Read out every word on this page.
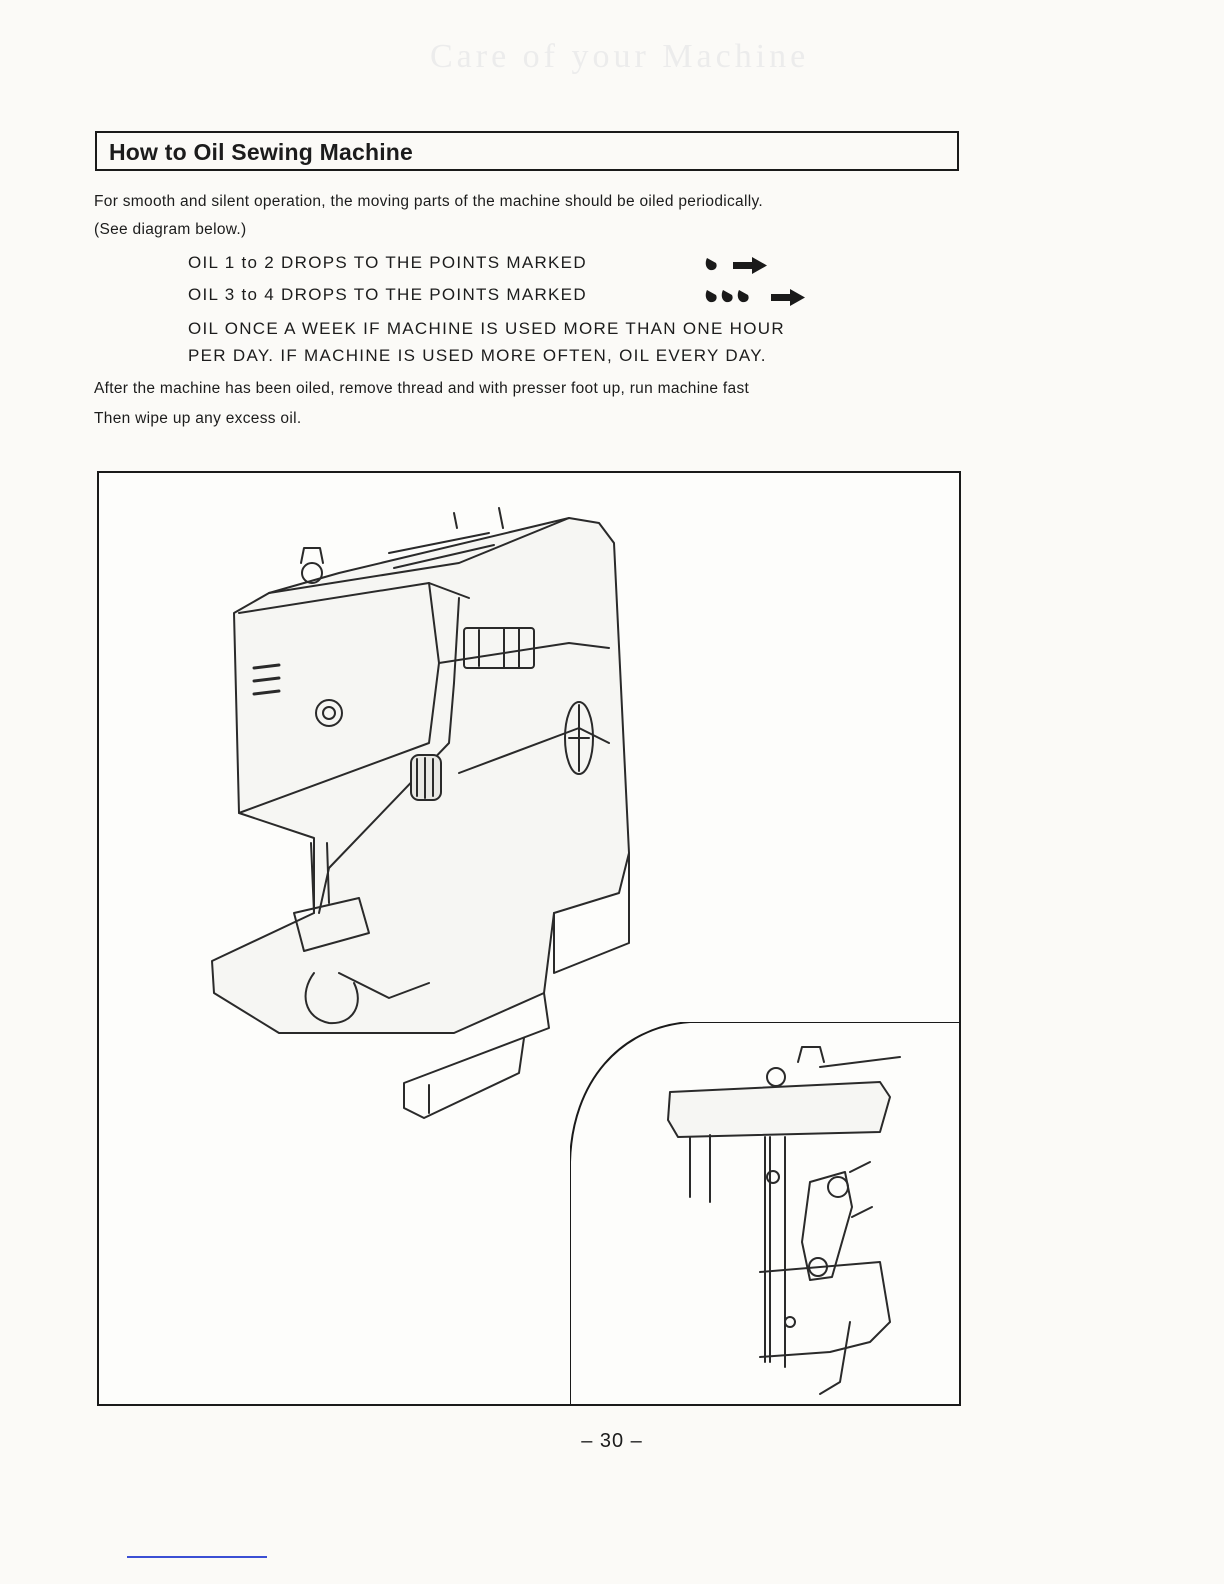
Care of your Machine
How to Oil Sewing Machine
For smooth and silent operation, the moving parts of the machine should be oiled periodically.
(See diagram below.)
OIL 1 to 2 DROPS TO THE POINTS MARKED
OIL 3 to 4 DROPS TO THE POINTS MARKED
OIL ONCE A WEEK IF MACHINE IS USED MORE THAN ONE HOUR
PER DAY. IF MACHINE IS USED MORE OFTEN, OIL EVERY DAY.
After the machine has been oiled, remove thread and with presser foot up, run machine fast
Then wipe up any excess oil.
– 30 –
